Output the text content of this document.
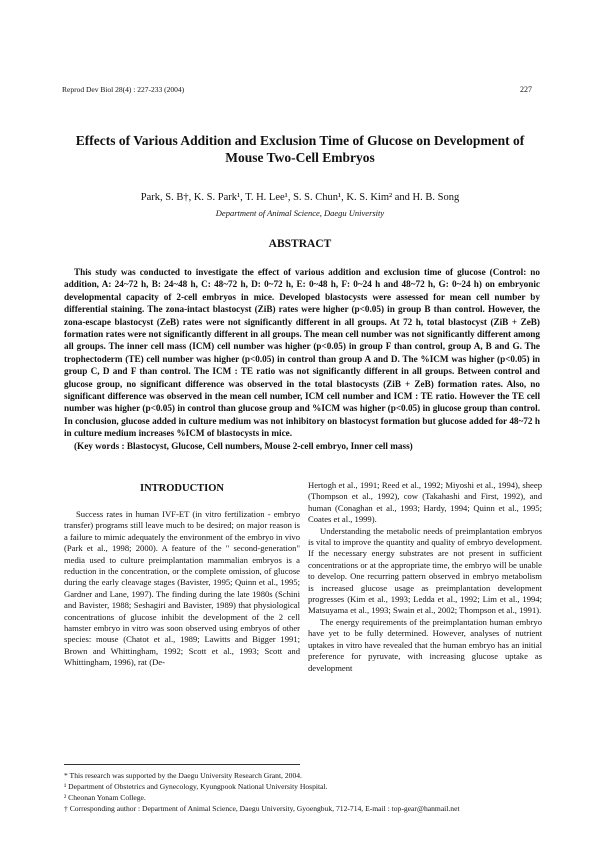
Reprod Dev Biol 28(4) : 227-233 (2004)	227
Effects of Various Addition and Exclusion Time of Glucose on Development of Mouse Two-Cell Embryos
Park, S. B†, K. S. Park¹, T. H. Lee¹, S. S. Chun¹, K. S. Kim² and H. B. Song
Department of Animal Science, Daegu University
ABSTRACT

This study was conducted to investigate the effect of various addition and exclusion time of glucose (Control: no addition, A: 24~72 h, B: 24~48 h, C: 48~72 h, D: 0~72 h, E: 0~48 h, F: 0~24 h and 48~72 h, G: 0~24 h) on embryonic developmental capacity of 2-cell embryos in mice. Developed blastocysts were assessed for mean cell number by differential staining. The zona-intact blastocyst (ZiB) rates were higher (p<0.05) in group B than control. However, the zona-escape blastocyst (ZeB) rates were not significantly different in all groups. At 72 h, total blastocyst (ZiB + ZeB) formation rates were not significantly different in all groups. The mean cell number was not significantly different among all groups. The inner cell mass (ICM) cell number was higher (p<0.05) in group F than control, group A, B and G. The trophectoderm (TE) cell number was higher (p<0.05) in control than group A and D. The %ICM was higher (p<0.05) in group C, D and F than control. The ICM : TE ratio was not significantly different in all groups. Between control and glucose group, no significant difference was observed in the total blastocysts (ZiB + ZeB) formation rates. Also, no significant difference was observed in the mean cell number, ICM cell number and ICM : TE ratio. However the TE cell number was higher (p<0.05) in control than glucose group and %ICM was higher (p<0.05) in glucose group than control. In conclusion, glucose added in culture medium was not inhibitory on blastocyst formation but glucose added for 48~72 h in culture medium increases %ICM of blastocysts in mice.

(Key words : Blastocyst, Glucose, Cell numbers, Mouse 2-cell embryo, Inner cell mass)

INTRODUCTION

Success rates in human IVF-ET (in vitro fertilization - embryo transfer) programs still leave much to be desired; on major reason is a failure to mimic adequately the environment of the embryo in vivo (Park et al., 1998; 2000). A feature of the " second-generation" media used to culture preimplantation mammalian embryos is a reduction in the concentration, or the complete omission, of glucose during the early cleavage stages (Bavister, 1995; Quinn et al., 1995; Gardner and Lane, 1997). The finding during the late 1980s (Schini and Bavister, 1988; Seshagiri and Bavister, 1989) that physiological concentrations of glucose inhibit the development of the 2 cell hamster embryo in vitro was soon observed using embryos of other species: mouse (Chatot et al., 1989; Lawitts and Bigger 1991; Brown and Whittingham, 1992; Scott et al., 1993; Scott and Whittingham, 1996), rat (De-

Hertogh et al., 1991; Reed et al., 1992; Miyoshi et al., 1994), sheep (Thompson et al., 1992), cow (Takahashi and First, 1992), and human (Conaghan et al., 1993; Hardy, 1994; Quinn et al., 1995; Coates et al., 1999).

Understanding the metabolic needs of preimplantation embryos is vital to improve the quantity and quality of embryo development. If the necessary energy substrates are not present in sufficient concentrations or at the appropriate time, the embryo will be unable to develop. One recurring pattern observed in embryo metabolism is increased glucose usage as preimplantation development progresses (Kim et al., 1993; Ledda et al., 1992; Lim et al., 1994; Matsuyama et al., 1993; Swain et al., 2002; Thompson et al., 1991).

The energy requirements of the preimplantation human embryo have yet to be fully determined. However, analyses of nutrient uptakes in vitro have revealed that the human embryo has an initial preference for pyruvate, with increasing glucose uptake as development

* This research was supported by the Daegu University Research Grant, 2004.
¹ Department of Obstetrics and Gynecology, Kyungpook National University Hospital.
² Cheonan Yonam College.
† Corresponding author : Department of Animal Science, Daegu University, Gyoengbuk, 712-714, E-mail : top-gear@hanmail.net
